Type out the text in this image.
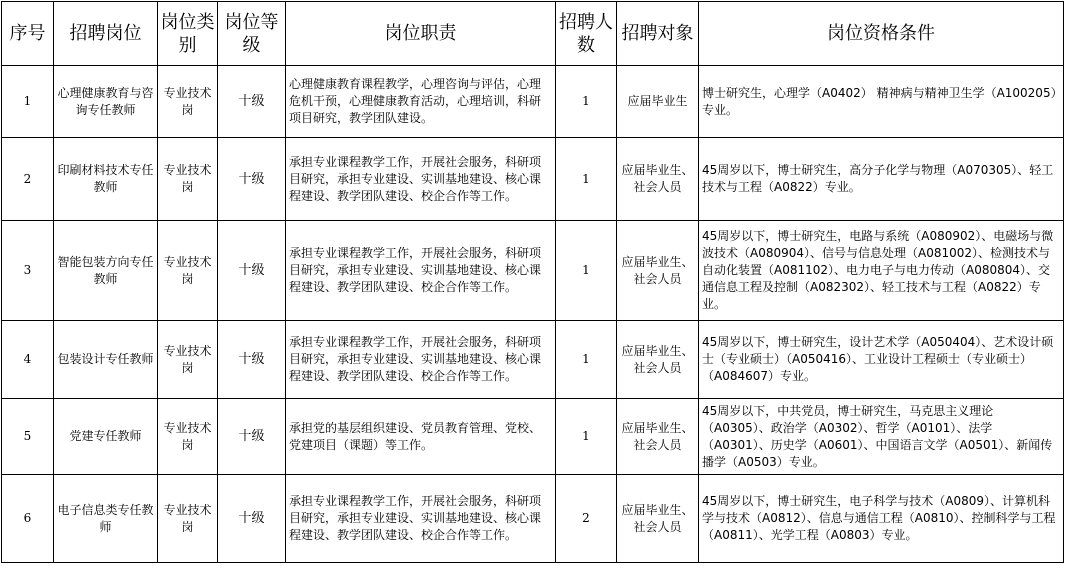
序号	招聘岗位	岗位类别	岗位等级	岗位职责	招聘人数	招聘对象	岗位资格条件
1	心理健康教育与咨询专任教师	专业技术岗	十级	心理健康教育课程教学，心理咨询与评估，心理危机干预，心理健康教育活动，心理培训，科研项目研究，教学团队建设。	1	应届毕业生	博士研究生，心理学（A0402） 精神病与精神卫生学（A100205）专业。
2	印刷材料技术专任教师	专业技术岗	十级	承担专业课程教学工作，开展社会服务，科研项目研究，承担专业建设、实训基地建设、核心课程建设、教学团队建设、校企合作等工作。	1	应届毕业生、社会人员	45周岁以下，博士研究生，高分子化学与物理（A070305）、轻工技术与工程（A0822）专业。
3	智能包装方向专任教师	专业技术岗	十级	承担专业课程教学工作，开展社会服务，科研项目研究，承担专业建设、实训基地建设、核心课程建设、教学团队建设、校企合作等工作。	1	应届毕业生、社会人员	45周岁以下，博士研究生，电路与系统（A080902）、电磁场与微波技术（A080904）、信号与信息处理（A081002）、检测技术与自动化装置（A081102）、电力电子与电力传动（A080804）、交通信息工程及控制（A082302）、轻工技术与工程（A0822）专业。
4	包装设计专任教师	专业技术岗	十级	承担专业课程教学工作，开展社会服务，科研项目研究，承担专业建设、实训基地建设、核心课程建设、教学团队建设、校企合作等工作。	1	应届毕业生、社会人员	45周岁以下，博士研究生，设计艺术学（A050404）、艺术设计硕士（专业硕士）（A050416）、工业设计工程硕士（专业硕士）（A084607）专业。
5	党建专任教师	专业技术岗	十级	承担党的基层组织建设、党员教育管理、党校、党建项目（课题）等工作。	1	应届毕业生、社会人员	45周岁以下，中共党员，博士研究生，马克思主义理论（A0305）、政治学（A0302）、哲学（A0101）、法学（A0301）、历史学（A0601）、中国语言文学（A0501）、新闻传播学（A0503）专业。
6	电子信息类专任教师	专业技术岗	十级	承担专业课程教学工作，开展社会服务，科研项目研究，承担专业建设、实训基地建设、核心课程建设、教学团队建设、校企合作等工作。	2	应届毕业生、社会人员	45周岁以下，博士研究生，电子科学与技术（A0809）、计算机科学与技术（A0812）、信息与通信工程（A0810）、控制科学与工程（A0811）、光学工程（A0803）专业。
